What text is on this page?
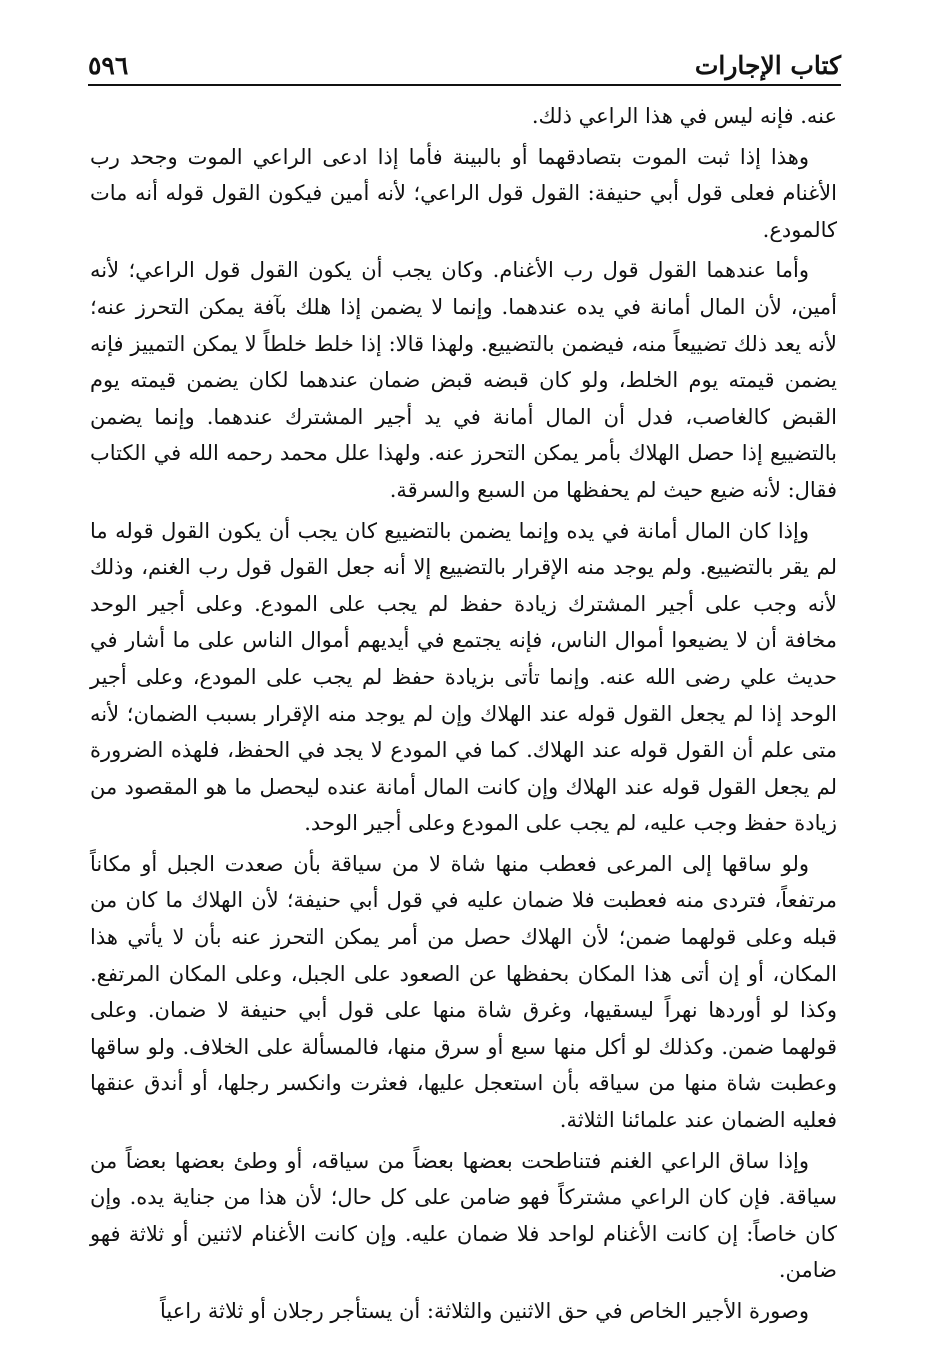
كتاب الإجارات
٥٩٦

عنه. فإنه ليس في هذا الراعي ذلك.

وهذا إذا ثبت الموت بتصادقهما أو بالبينة فأما إذا ادعى الراعي الموت وجحد رب الأغنام فعلى قول أبي حنيفة: القول قول الراعي؛ لأنه أمين فيكون القول قوله أنه مات كالمودع.

وأما عندهما القول قول رب الأغنام. وكان يجب أن يكون القول قول الراعي؛ لأنه أمين، لأن المال أمانة في يده عندهما. وإنما لا يضمن إذا هلك بآفة يمكن التحرز عنه؛ لأنه يعد ذلك تضييعاً منه، فيضمن بالتضييع. ولهذا قالا: إذا خلط خلطاً لا يمكن التمييز فإنه يضمن قيمته يوم الخلط، ولو كان قبضه قبض ضمان عندهما لكان يضمن قيمته يوم القبض كالغاصب، فدل أن المال أمانة في يد أجير المشترك عندهما. وإنما يضمن بالتضييع إذا حصل الهلاك بأمر يمكن التحرز عنه. ولهذا علل محمد رحمه الله في الكتاب فقال: لأنه ضيع حيث لم يحفظها من السبع والسرقة.

وإذا كان المال أمانة في يده وإنما يضمن بالتضييع كان يجب أن يكون القول قوله ما لم يقر بالتضييع. ولم يوجد منه الإقرار بالتضييع إلا أنه جعل القول قول رب الغنم، وذلك لأنه وجب على أجير المشترك زيادة حفظ لم يجب على المودع. وعلى أجير الوحد مخافة أن لا يضيعوا أموال الناس، فإنه يجتمع في أيديهم أموال الناس على ما أشار في حديث علي رضى الله عنه. وإنما تأتى بزيادة حفظ لم يجب على المودع، وعلى أجير الوحد إذا لم يجعل القول قوله عند الهلاك وإن لم يوجد منه الإقرار بسبب الضمان؛ لأنه متى علم أن القول قوله عند الهلاك. كما في المودع لا يجد في الحفظ، فلهذه الضرورة لم يجعل القول قوله عند الهلاك وإن كانت المال أمانة عنده ليحصل ما هو المقصود من زيادة حفظ وجب عليه، لم يجب على المودع وعلى أجير الوحد.

ولو ساقها إلى المرعى فعطب منها شاة لا من سياقة بأن صعدت الجبل أو مكاناً مرتفعاً، فتردى منه فعطبت فلا ضمان عليه في قول أبي حنيفة؛ لأن الهلاك ما كان من قبله وعلى قولهما ضمن؛ لأن الهلاك حصل من أمر يمكن التحرز عنه بأن لا يأتي هذا المكان، أو إن أتى هذا المكان بحفظها عن الصعود على الجبل، وعلى المكان المرتفع. وكذا لو أوردها نهراً ليسقيها، وغرق شاة منها على قول أبي حنيفة لا ضمان. وعلى قولهما ضمن. وكذلك لو أكل منها سبع أو سرق منها، فالمسألة على الخلاف. ولو ساقها وعطبت شاة منها من سياقه بأن استعجل عليها، فعثرت وانكسر رجلها، أو أندق عنقها فعليه الضمان عند علمائنا الثلاثة.

وإذا ساق الراعي الغنم فتناطحت بعضها بعضاً من سياقه، أو وطئ بعضها بعضاً من سياقة. فإن كان الراعي مشتركاً فهو ضامن على كل حال؛ لأن هذا من جناية يده. وإن كان خاصاً: إن كانت الأغنام لواحد فلا ضمان عليه. وإن كانت الأغنام لاثنين أو ثلاثة فهو ضامن.

وصورة الأجير الخاص في حق الاثنين والثلاثة: أن يستأجر رجلان أو ثلاثة راعياً
